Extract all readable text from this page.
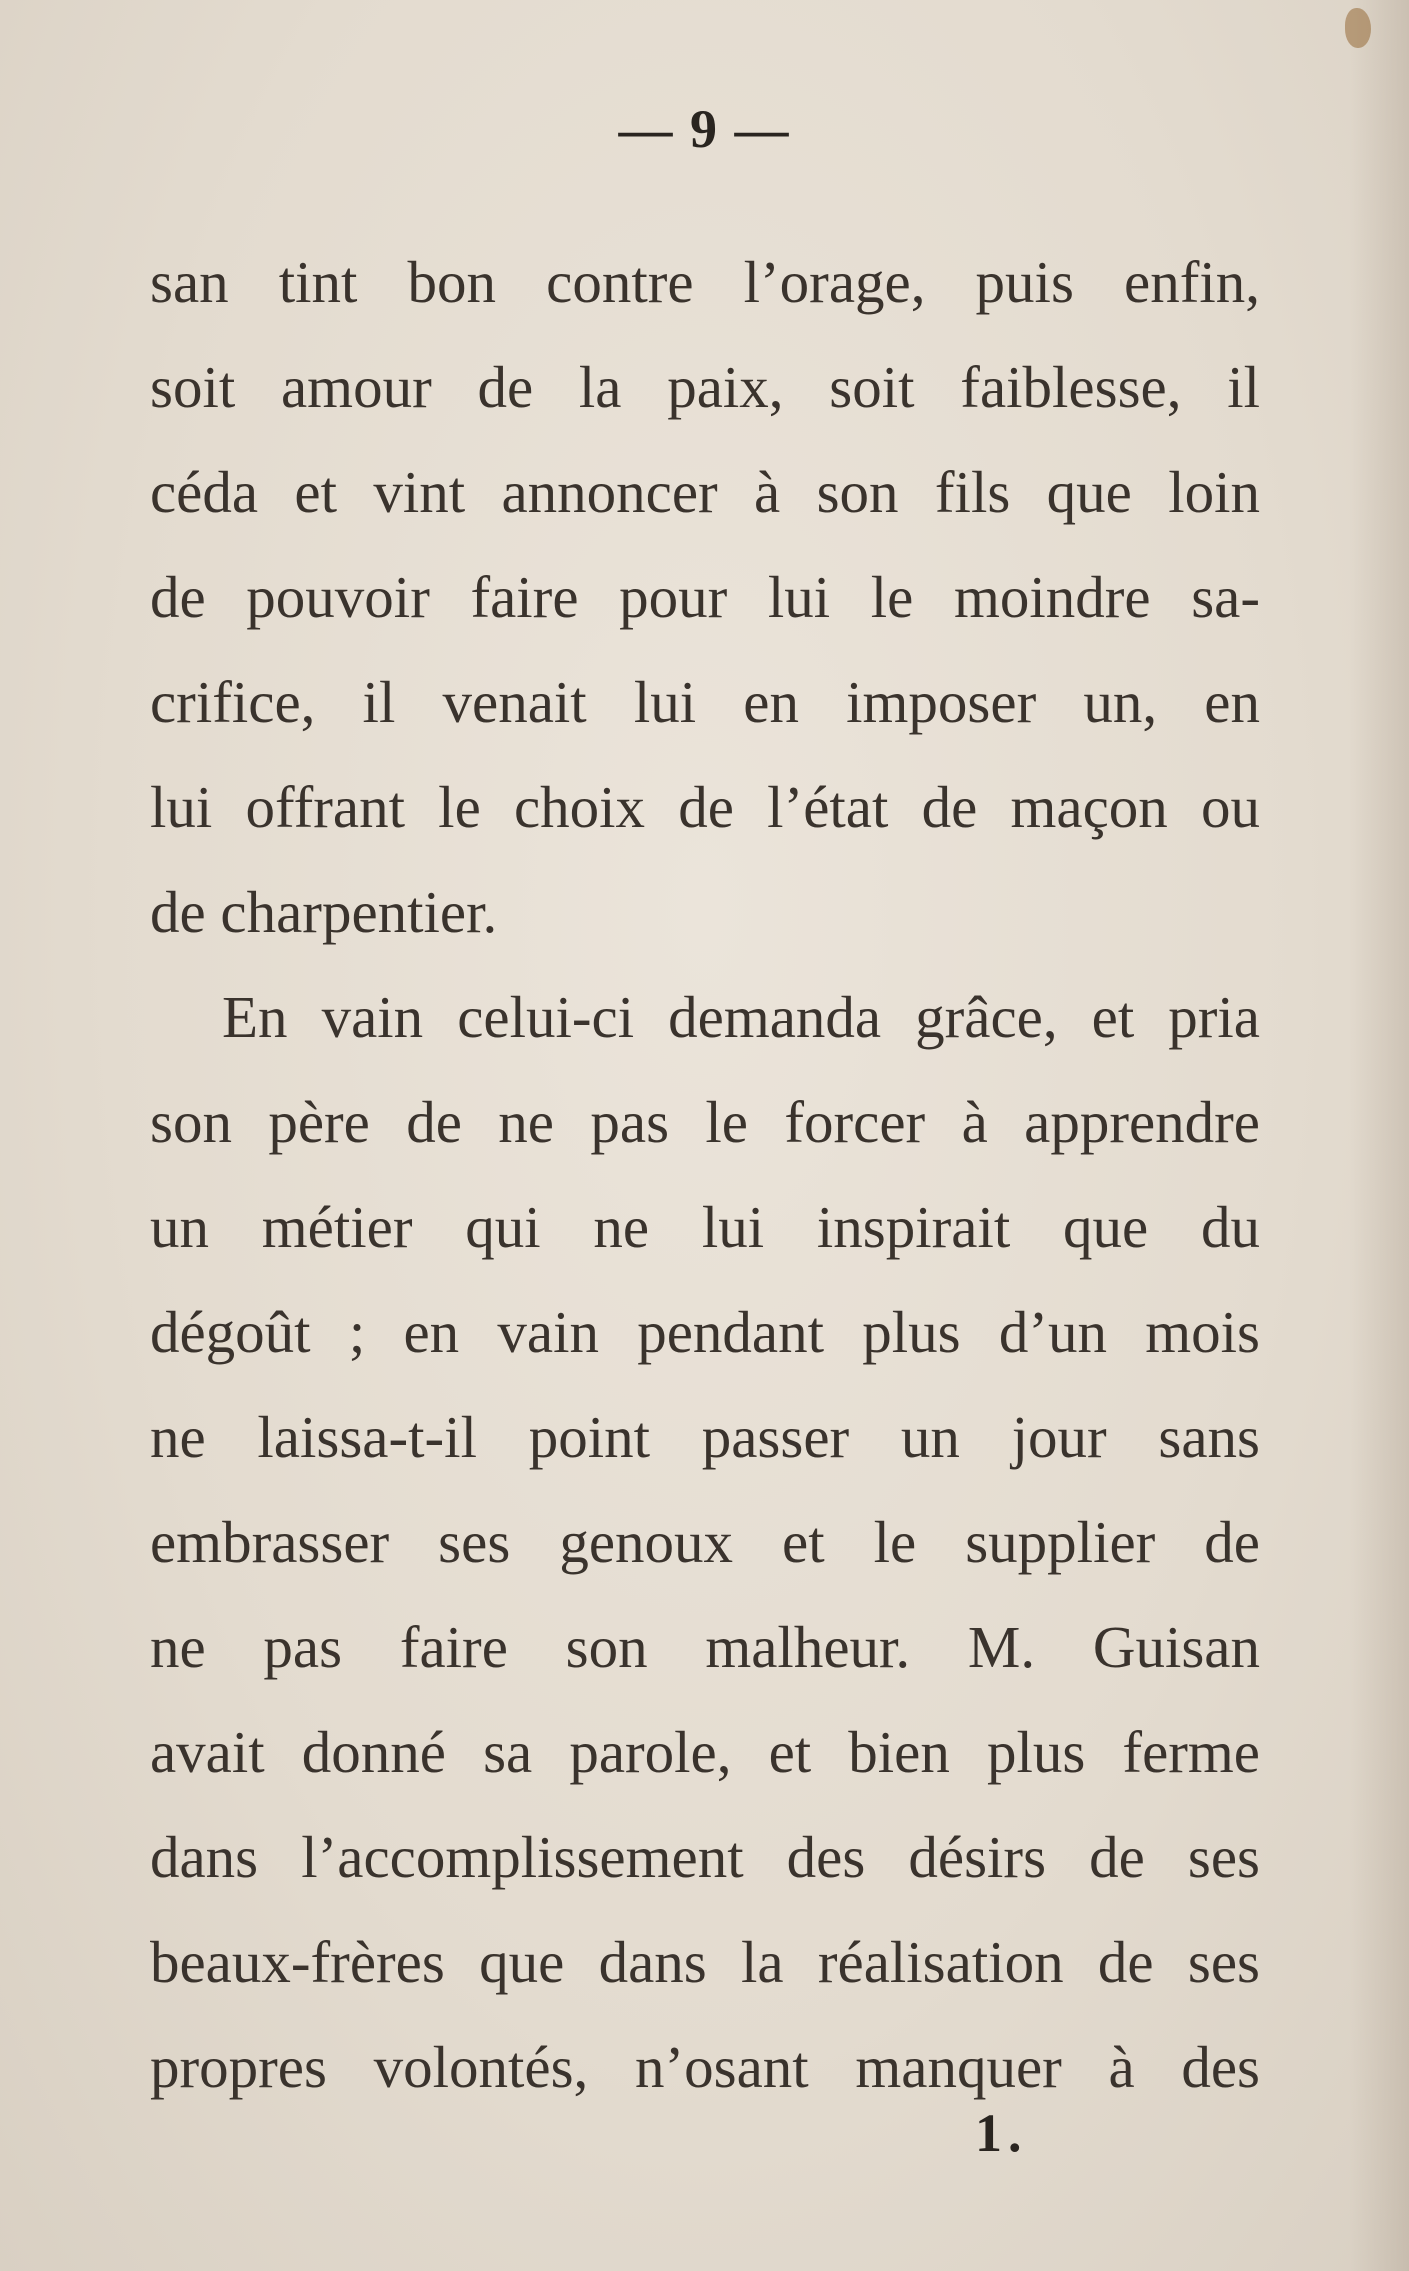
— 9 —
san tint bon contre l’orage, puis enfin,
soit amour de la paix, soit faiblesse, il
céda et vint annoncer à son fils que loin
de pouvoir faire pour lui le moindre sa-
crifice, il venait lui en imposer un, en
lui offrant le choix de l’état de maçon ou
de charpentier.
En vain celui-ci demanda grâce, et pria
son père de ne pas le forcer à apprendre
un métier qui ne lui inspirait que du
dégoût ; en vain pendant plus d’un mois
ne laissa-t-il point passer un jour sans
embrasser ses genoux et le supplier de
ne pas faire son malheur. M. Guisan
avait donné sa parole, et bien plus ferme
dans l’accomplissement des désirs de ses
beaux-frères que dans la réalisation de ses
propres volontés, n’osant manquer à des
1.
